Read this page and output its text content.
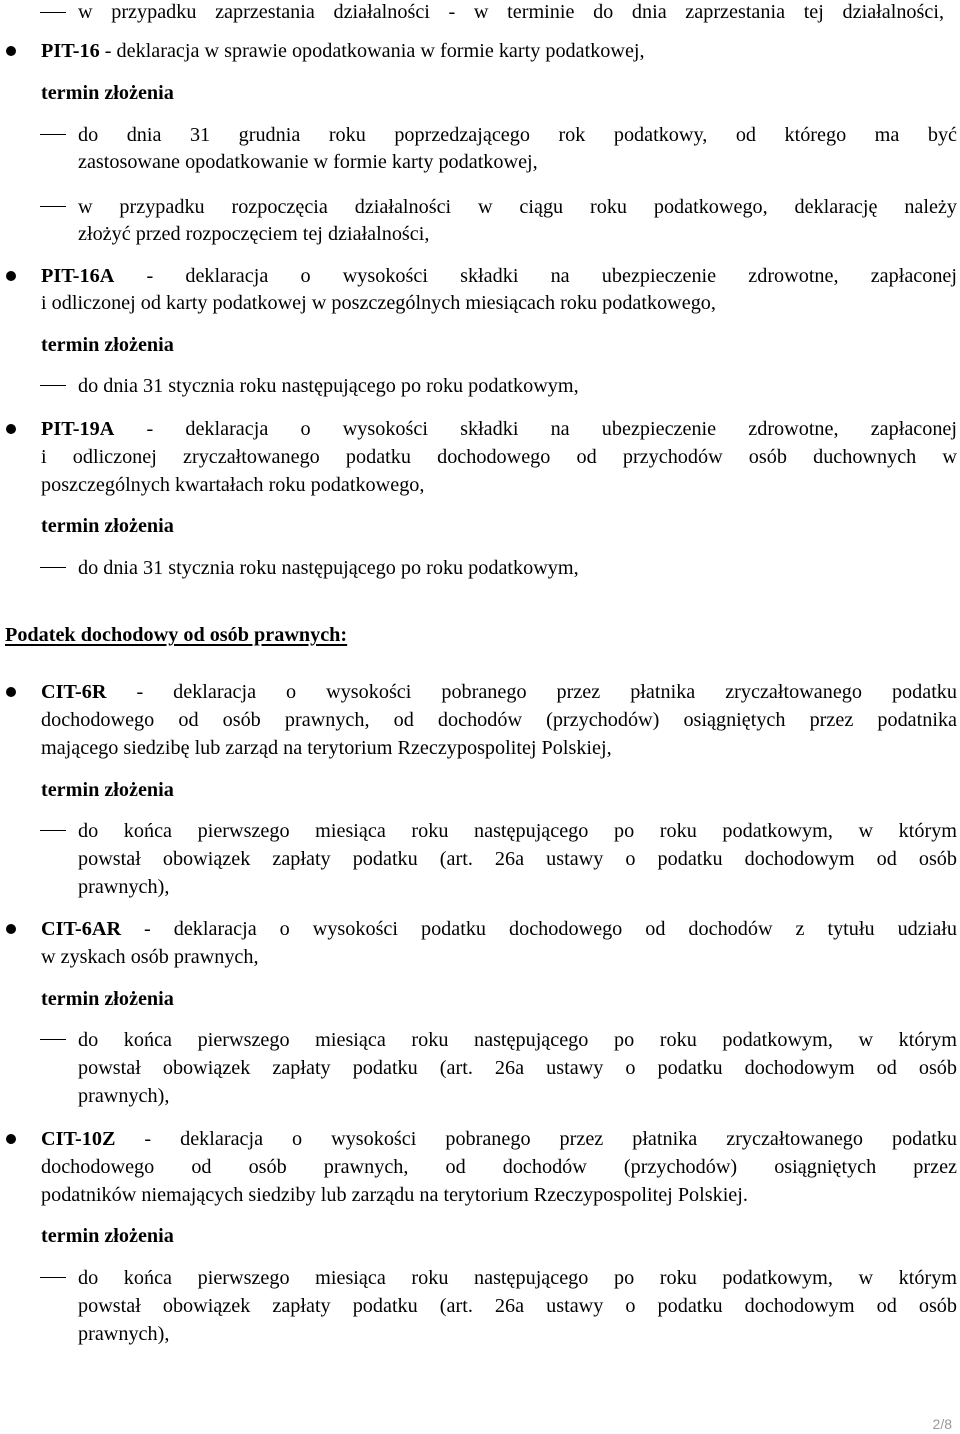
w przypadku zaprzestania działalności - w terminie do dnia zaprzestania tej działalności,
PIT-16 - deklaracja w sprawie opodatkowania w formie karty podatkowej,
termin złożenia
do dnia 31 grudnia roku poprzedzającego rok podatkowy, od którego ma być
zastosowane opodatkowanie w formie karty podatkowej,
w przypadku rozpoczęcia działalności w ciągu roku podatkowego, deklarację należy
złożyć przed rozpoczęciem tej działalności,
PIT-16A - deklaracja o wysokości składki na ubezpieczenie zdrowotne, zapłaconej
i odliczonej od karty podatkowej w poszczególnych miesiącach roku podatkowego,
termin złożenia
do dnia 31 stycznia roku następującego po roku podatkowym,
PIT-19A - deklaracja o wysokości składki na ubezpieczenie zdrowotne, zapłaconej
i odliczonej zryczałtowanego podatku dochodowego od przychodów osób duchownych w
poszczególnych kwartałach roku podatkowego,
termin złożenia
do dnia 31 stycznia roku następującego po roku podatkowym,
Podatek dochodowy od osób prawnych:
CIT-6R - deklaracja o wysokości pobranego przez płatnika zryczałtowanego podatku
dochodowego od osób prawnych, od dochodów (przychodów) osiągniętych przez podatnika
mającego siedzibę lub zarząd na terytorium Rzeczypospolitej Polskiej,
termin złożenia
do końca pierwszego miesiąca roku następującego po roku podatkowym, w którym
powstał obowiązek zapłaty podatku (art. 26a ustawy o podatku dochodowym od osób
prawnych),
CIT-6AR - deklaracja o wysokości podatku dochodowego od dochodów z tytułu udziału
w zyskach osób prawnych,
termin złożenia
do końca pierwszego miesiąca roku następującego po roku podatkowym, w którym
powstał obowiązek zapłaty podatku (art. 26a ustawy o podatku dochodowym od osób
prawnych),
CIT-10Z - deklaracja o wysokości pobranego przez płatnika zryczałtowanego podatku
dochodowego od osób prawnych, od dochodów (przychodów) osiągniętych przez
podatników niemających siedziby lub zarządu na terytorium Rzeczypospolitej Polskiej.
termin złożenia
do końca pierwszego miesiąca roku następującego po roku podatkowym, w którym
powstał obowiązek zapłaty podatku (art. 26a ustawy o podatku dochodowym od osób
prawnych),
2/8
